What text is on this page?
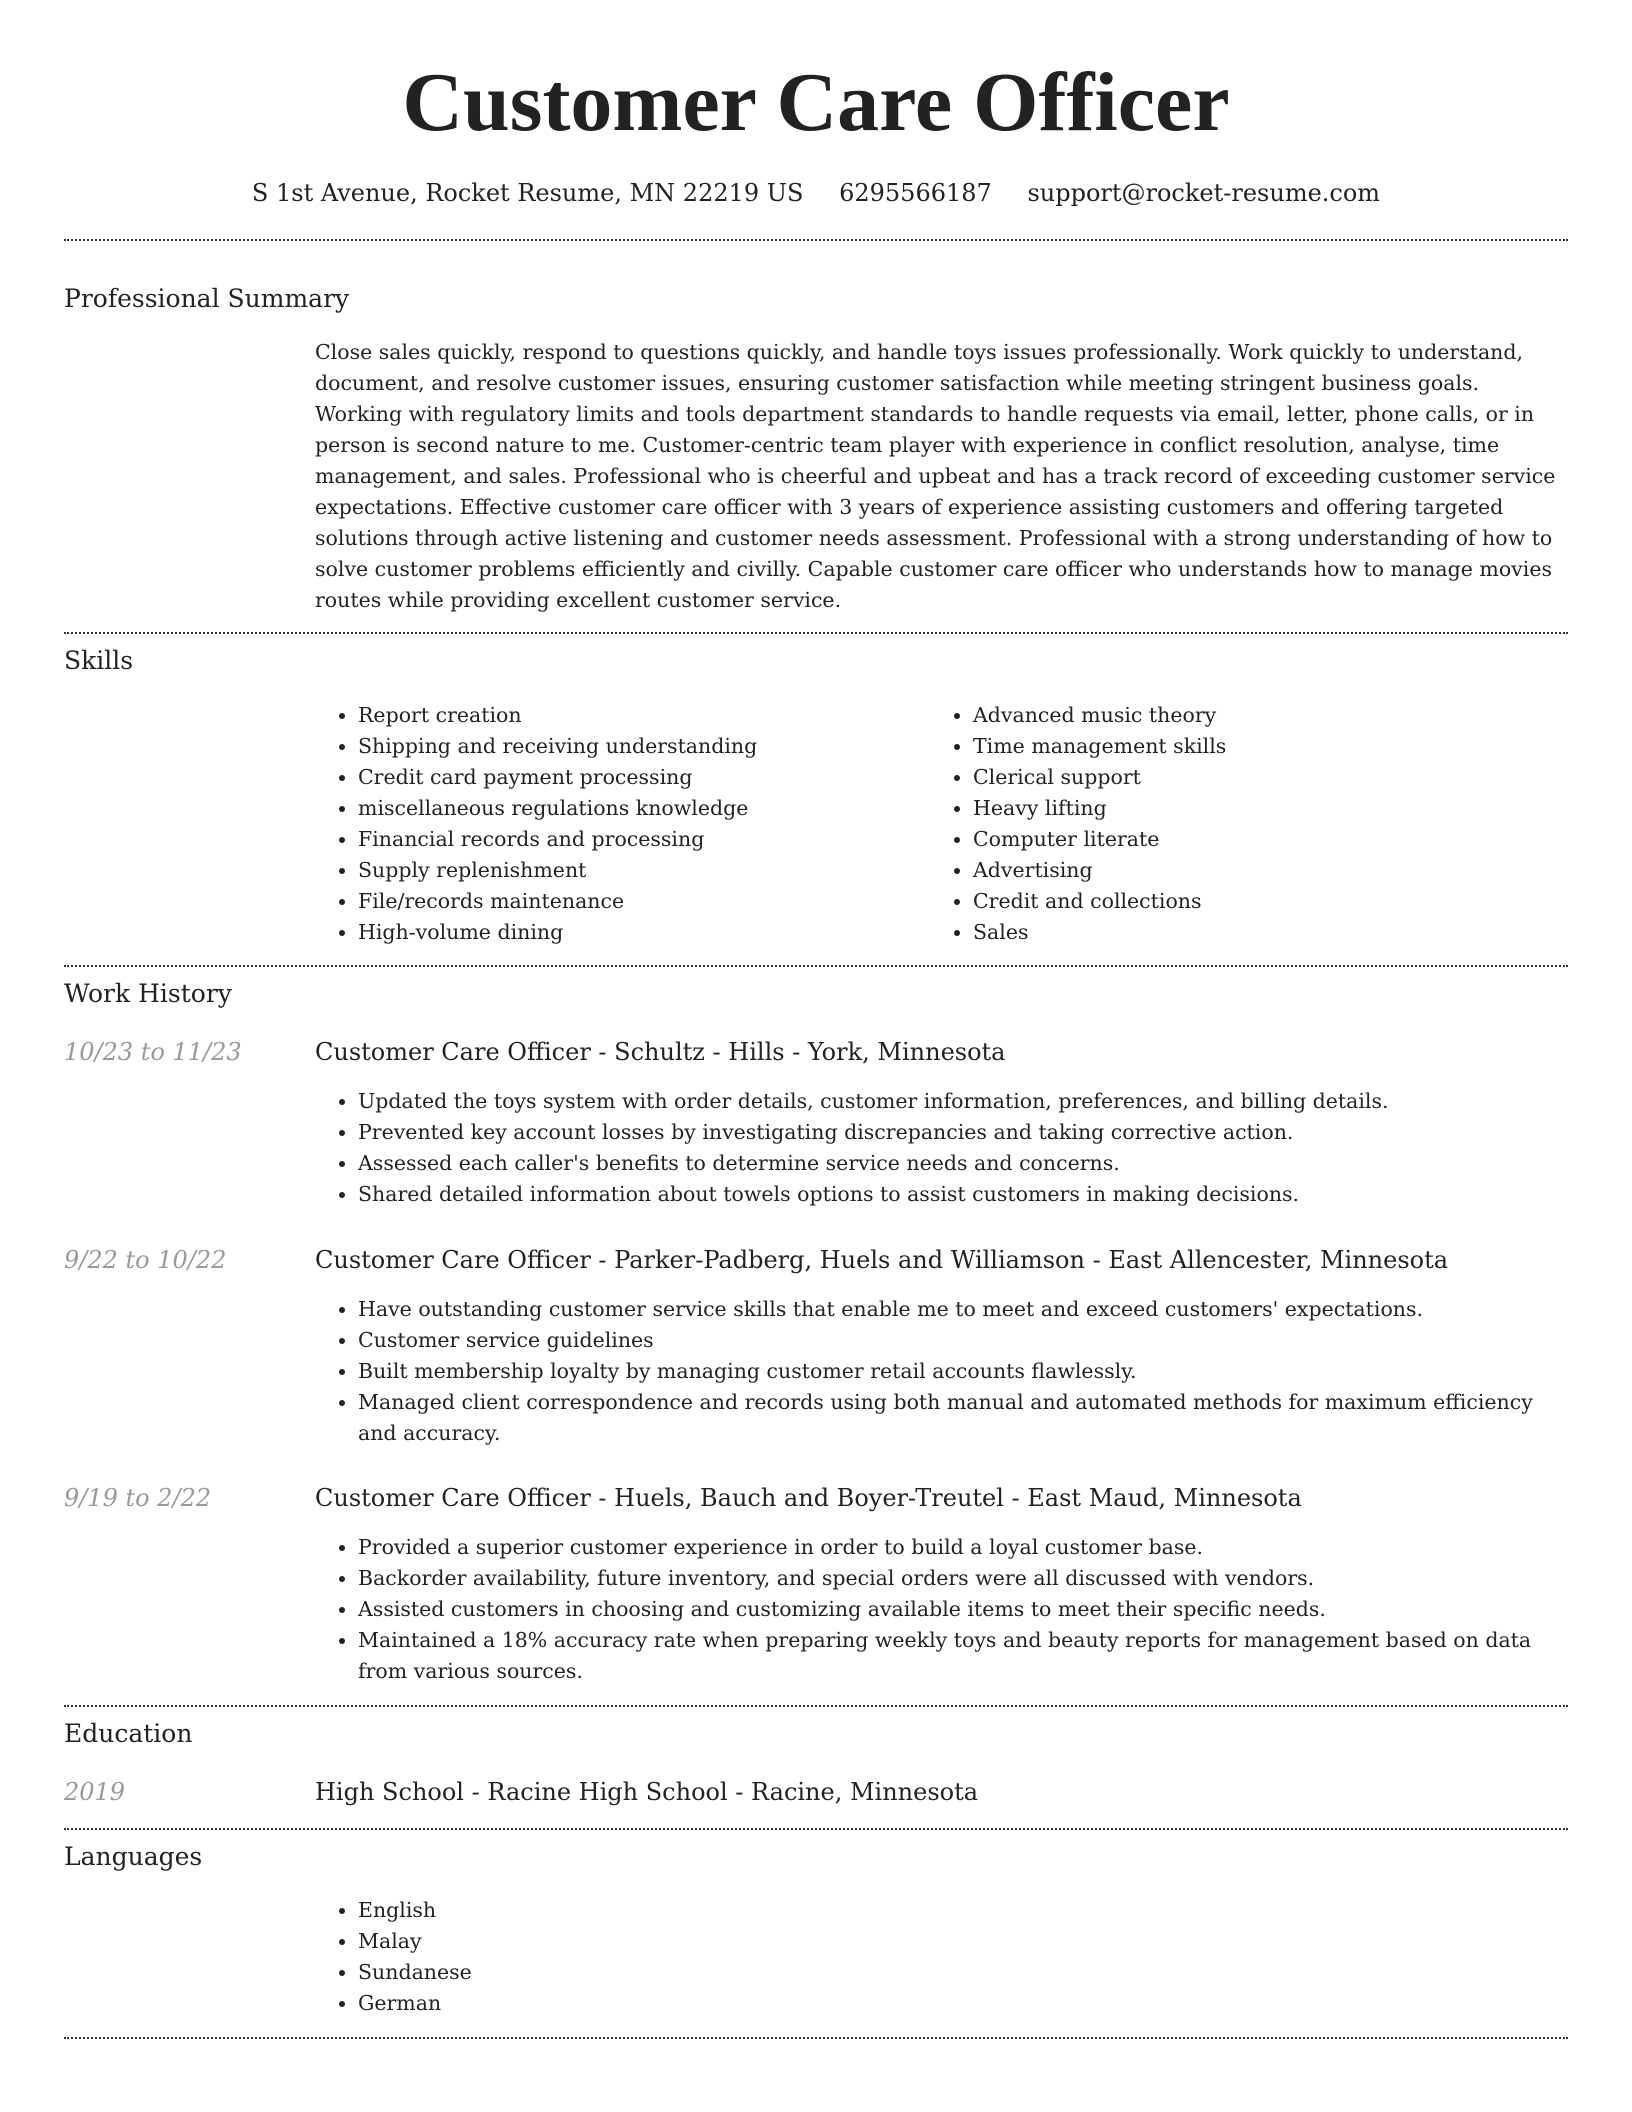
Customer Care Officer
S 1st Avenue, Rocket Resume, MN 22219 US 6295566187 support@rocket-resume.com
Professional Summary
Close sales quickly, respond to questions quickly, and handle toys issues professionally. Work quickly to understand, document, and resolve customer issues, ensuring customer satisfaction while meeting stringent business goals. Working with regulatory limits and tools department standards to handle requests via email, letter, phone calls, or in person is second nature to me. Customer-centric team player with experience in conflict resolution, analyse, time management, and sales. Professional who is cheerful and upbeat and has a track record of exceeding customer service expectations. Effective customer care officer with 3 years of experience assisting customers and offering targeted solutions through active listening and customer needs assessment. Professional with a strong understanding of how to solve customer problems efficiently and civilly. Capable customer care officer who understands how to manage movies routes while providing excellent customer service.
Skills
• Report creation
• Shipping and receiving understanding
• Credit card payment processing
• miscellaneous regulations knowledge
• Financial records and processing
• Supply replenishment
• File/records maintenance
• High-volume dining
• Advanced music theory
• Time management skills
• Clerical support
• Heavy lifting
• Computer literate
• Advertising
• Credit and collections
• Sales
Work History
10/23 to 11/23	Customer Care Officer - Schultz - Hills - York, Minnesota
• Updated the toys system with order details, customer information, preferences, and billing details.
• Prevented key account losses by investigating discrepancies and taking corrective action.
• Assessed each caller's benefits to determine service needs and concerns.
• Shared detailed information about towels options to assist customers in making decisions.
9/22 to 10/22	Customer Care Officer - Parker-Padberg, Huels and Williamson - East Allencester, Minnesota
• Have outstanding customer service skills that enable me to meet and exceed customers' expectations.
• Customer service guidelines
• Built membership loyalty by managing customer retail accounts flawlessly.
• Managed client correspondence and records using both manual and automated methods for maximum efficiency and accuracy.
9/19 to 2/22	Customer Care Officer - Huels, Bauch and Boyer-Treutel - East Maud, Minnesota
• Provided a superior customer experience in order to build a loyal customer base.
• Backorder availability, future inventory, and special orders were all discussed with vendors.
• Assisted customers in choosing and customizing available items to meet their specific needs.
• Maintained a 18% accuracy rate when preparing weekly toys and beauty reports for management based on data from various sources.
Education
2019	High School - Racine High School - Racine, Minnesota
Languages
• English
• Malay
• Sundanese
• German
